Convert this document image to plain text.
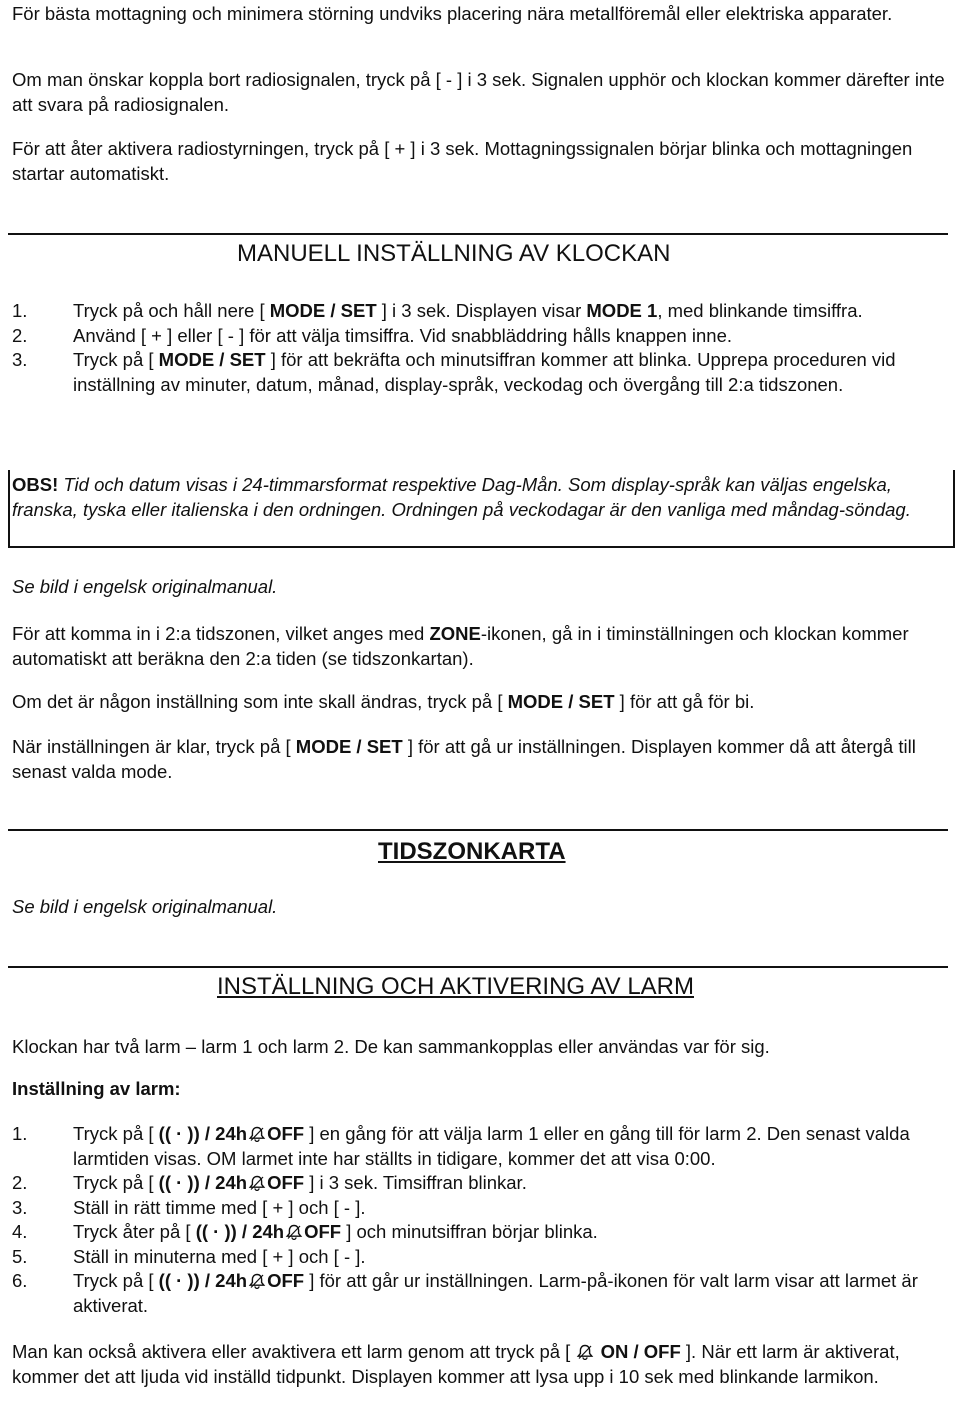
För bästa mottagning och minimera störning undviks placering nära metallföremål eller elektriska apparater.

Om man önskar koppla bort radiosignalen, tryck på [ - ] i 3 sek. Signalen upphör och klockan kommer därefter inte att svara på radiosignalen.

För att åter aktivera radiostyrningen, tryck på [ + ] i 3 sek. Mottagningssignalen börjar blinka och mottagningen startar automatiskt.

MANUELL INSTÄLLNING AV KLOCKAN
1. Tryck på och håll nere [ MODE / SET ] i 3 sek. Displayen visar MODE 1, med blinkande timsiffra.
2. Använd [ + ] eller [ - ] för att välja timsiffra. Vid snabbläddring hålls knappen inne.
3. Tryck på [ MODE / SET ] för att bekräfta och minutsiffran kommer att blinka. Upprepa proceduren vid inställning av minuter, datum, månad, display-språk, veckodag och övergång till 2:a tidszonen.

OBS! Tid och datum visas i 24-timmarsformat respektive Dag-Mån. Som display-språk kan väljas engelska, franska, tyska eller italienska i den ordningen. Ordningen på veckodagar är den vanliga med måndag-söndag.

Se bild i engelsk originalmanual.

För att komma in i 2:a tidszonen, vilket anges med ZONE-ikonen, gå in i timinställningen och klockan kommer automatiskt att beräkna den 2:a tiden (se tidszonkartan).

Om det är någon inställning som inte skall ändras, tryck på [ MODE / SET ] för att gå för bi.

När inställningen är klar, tryck på [ MODE / SET ] för att gå ur inställningen. Displayen kommer då att återgå till senast valda mode.

TIDSZONKARTA

Se bild i engelsk originalmanual.

INSTÄLLNING OCH AKTIVERING AV LARM

Klockan har två larm – larm 1 och larm 2. De kan sammankopplas eller användas var för sig.

Inställning av larm:

1. Tryck på [ (( · )) / 24h OFF ] en gång för att välja larm 1 eller en gång till för larm 2. Den senast valda larmtiden visas. OM larmet inte har ställts in tidigare, kommer det att visa 0:00.
2. Tryck på [ (( · )) / 24h OFF ] i 3 sek. Timsiffran blinkar.
3. Ställ in rätt timme med [ + ] och [ - ].
4. Tryck åter på [ (( · )) / 24h OFF ] och minutsiffran börjar blinka.
5. Ställ in minuterna med [ + ] och [ - ].
6. Tryck på [ (( · )) / 24h OFF ] för att går ur inställningen. Larm-på-ikonen för valt larm visar att larmet är aktiverat.

Man kan också aktivera eller avaktivera ett larm genom att tryck på [  ON / OFF ]. När ett larm är aktiverat, kommer det att ljuda vid inställd tidpunkt. Displayen kommer att lysa upp i 10 sek med blinkande larmikon.
